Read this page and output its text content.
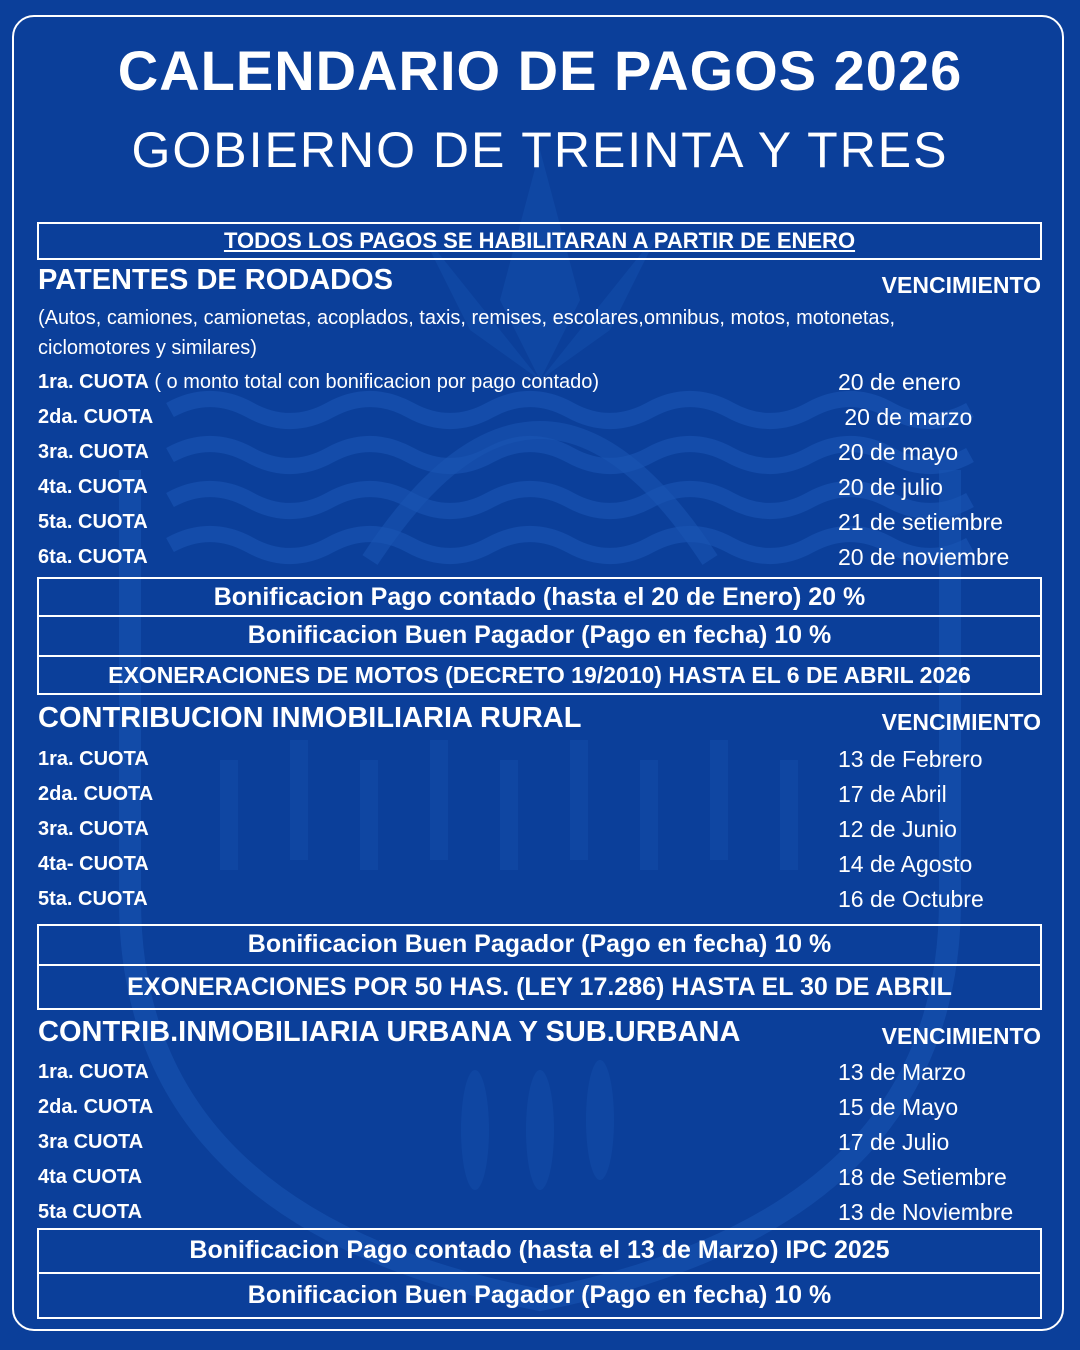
CALENDARIO DE PAGOS 2026
GOBIERNO DE TREINTA Y TRES
TODOS LOS PAGOS SE HABILITARAN A PARTIR DE ENERO
PATENTES DE RODADOS	VENCIMIENTO
(Autos, camiones, camionetas, acoplados, taxis, remises, escolares,omnibus, motos, motonetas, ciclomotores y similares)
1ra. CUOTA ( o monto total con bonificacion por pago contado)	20 de enero
2da. CUOTA	20 de marzo
3ra. CUOTA	20 de mayo
4ta. CUOTA	20 de julio
5ta. CUOTA	21 de setiembre
6ta. CUOTA	20 de noviembre
Bonificacion Pago contado (hasta el 20 de Enero) 20 %
Bonificacion Buen Pagador (Pago en fecha) 10 %
EXONERACIONES DE MOTOS (DECRETO 19/2010) HASTA EL 6 DE ABRIL 2026
CONTRIBUCION INMOBILIARIA RURAL	VENCIMIENTO
1ra. CUOTA	13 de Febrero
2da. CUOTA	17 de Abril
3ra. CUOTA	12 de Junio
4ta- CUOTA	14 de Agosto
5ta. CUOTA	16 de Octubre
Bonificacion Buen Pagador (Pago en fecha) 10 %
EXONERACIONES POR 50 HAS. (LEY 17.286) HASTA EL 30 DE ABRIL
CONTRIB.INMOBILIARIA URBANA Y SUB.URBANA	VENCIMIENTO
1ra. CUOTA	13 de Marzo
2da. CUOTA	15 de Mayo
3ra CUOTA	17 de Julio
4ta CUOTA	18 de Setiembre
5ta CUOTA	13 de Noviembre
Bonificacion Pago contado (hasta el 13 de Marzo) IPC 2025
Bonificacion Buen Pagador (Pago en fecha) 10 %
